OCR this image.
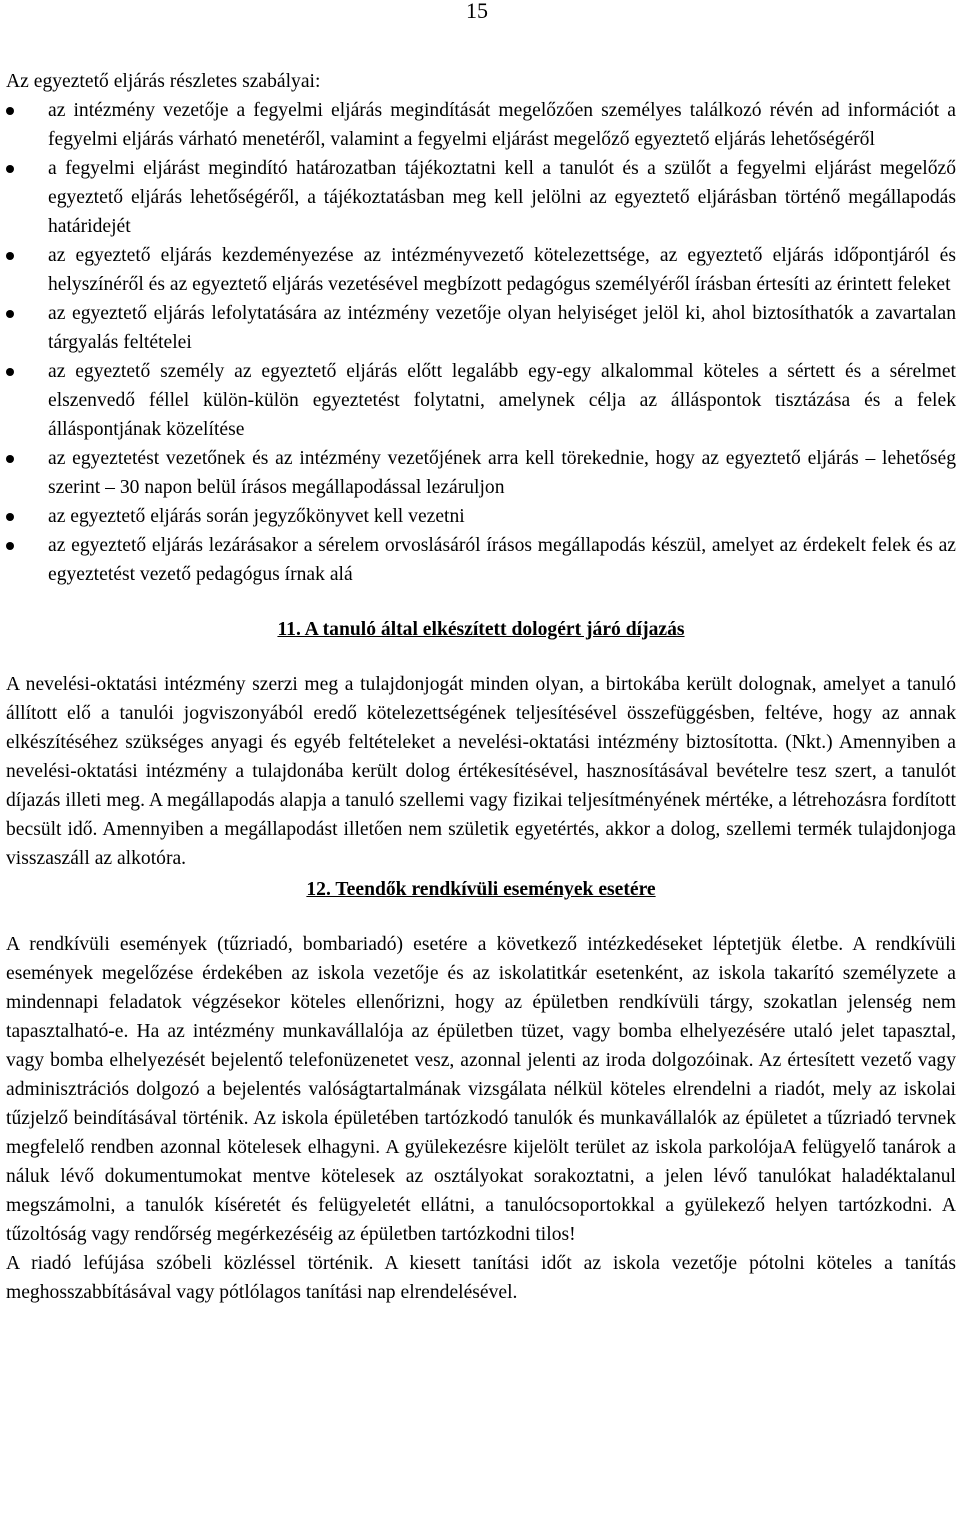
15

Az egyeztető eljárás részletes szabályai:

az intézmény vezetője a fegyelmi eljárás megindítását megelőzően személyes találkozó révén ad információt a fegyelmi eljárás várható menetéről, valamint a fegyelmi eljárást megelőző egyeztető eljárás lehetőségéről
a fegyelmi eljárást megindító határozatban tájékoztatni kell a tanulót és a szülőt a fegyelmi eljárást megelőző egyeztető eljárás lehetőségéről, a tájékoztatásban meg kell jelölni az egyeztető eljárásban történő megállapodás határidejét
az egyeztető eljárás kezdeményezése az intézményvezető kötelezettsége, az egyeztető eljárás időpontjáról és helyszínéről és az egyeztető eljárás vezetésével megbízott pedagógus személyéről írásban értesíti az érintett feleket
az egyeztető eljárás lefolytatására az intézmény vezetője olyan helyiséget jelöl ki, ahol biztosíthatók a zavartalan tárgyalás feltételei
az egyeztető személy az egyeztető eljárás előtt legalább egy-egy alkalommal köteles a sértett és a sérelmet elszenvedő féllel külön-külön egyeztetést folytatni, amelynek célja az álláspontok tisztázása és a felek álláspontjának közelítése
az egyeztetést vezetőnek és az intézmény vezetőjének arra kell törekednie, hogy az egyeztető eljárás – lehetőség szerint – 30 napon belül írásos megállapodással lezáruljon
az egyeztető eljárás során jegyzőkönyvet kell vezetni
az egyeztető eljárás lezárásakor a sérelem orvoslásáról írásos megállapodás készül, amelyet az érdekelt felek és az egyeztetést vezető pedagógus írnak alá
11. A tanuló által elkészített dologért járó díjazás

A nevelési-oktatási intézmény szerzi meg a tulajdonjogát minden olyan, a birtokába került dolognak, amelyet a tanuló állított elő a tanulói jogviszonyából eredő kötelezettségének teljesítésével összefüggésben, feltéve, hogy az annak elkészítéséhez szükséges anyagi és egyéb feltételeket a nevelési-oktatási intézmény biztosította. (Nkt.) Amennyiben a nevelési-oktatási intézmény a tulajdonába került dolog értékesítésével, hasznosításával bevételre tesz szert, a tanulót díjazás illeti meg. A megállapodás alapja a tanuló szellemi vagy fizikai teljesítményének mértéke, a létrehozásra fordított becsült idő. Amennyiben a megállapodást illetően nem születik egyetértés, akkor a dolog, szellemi termék tulajdonjoga visszaszáll az alkotóra.

12. Teendők rendkívüli események esetére

A rendkívüli események (tűzriadó, bombariadó) esetére a következő intézkedéseket léptetjük életbe. A rendkívüli események megelőzése érdekében az iskola vezetője és az iskolatitkár esetenként, az iskola takarító személyzete a mindennapi feladatok végzésekor köteles ellenőrizni, hogy az épületben rendkívüli tárgy, szokatlan jelenség nem tapasztalható-e. Ha az intézmény munkavállalója az épületben tüzet, vagy bomba elhelyezésére utaló jelet tapasztal, vagy bomba elhelyezését bejelentő telefonüzenetet vesz, azonnal jelenti az iroda dolgozóinak. Az értesített vezető vagy adminisztrációs dolgozó a bejelentés valóságtartalmának vizsgálata nélkül köteles elrendelni a riadót, mely az iskolai tűzjelző beindításával történik. Az iskola épületében tartózkodó tanulók és munkavállalók az épületet a tűzriadó tervnek megfelelő rendben azonnal kötelesek elhagyni. A gyülekezésre kijelölt terület az iskola parkolójaA felügyelő tanárok a náluk lévő dokumentumokat mentve kötelesek az osztályokat sorakoztatni, a jelen lévő tanulókat haladéktalanul megszámolni, a tanulók kíséretét és felügyeletét ellátni, a tanulócsoportokkal a gyülekező helyen tartózkodni. A tűzoltóság vagy rendőrség megérkezéséig az épületben tartózkodni tilos!

A riadó lefújása szóbeli közléssel történik. A kiesett tanítási időt az iskola vezetője pótolni köteles a tanítás meghosszabbításával vagy pótlólagos tanítási nap elrendelésével.
